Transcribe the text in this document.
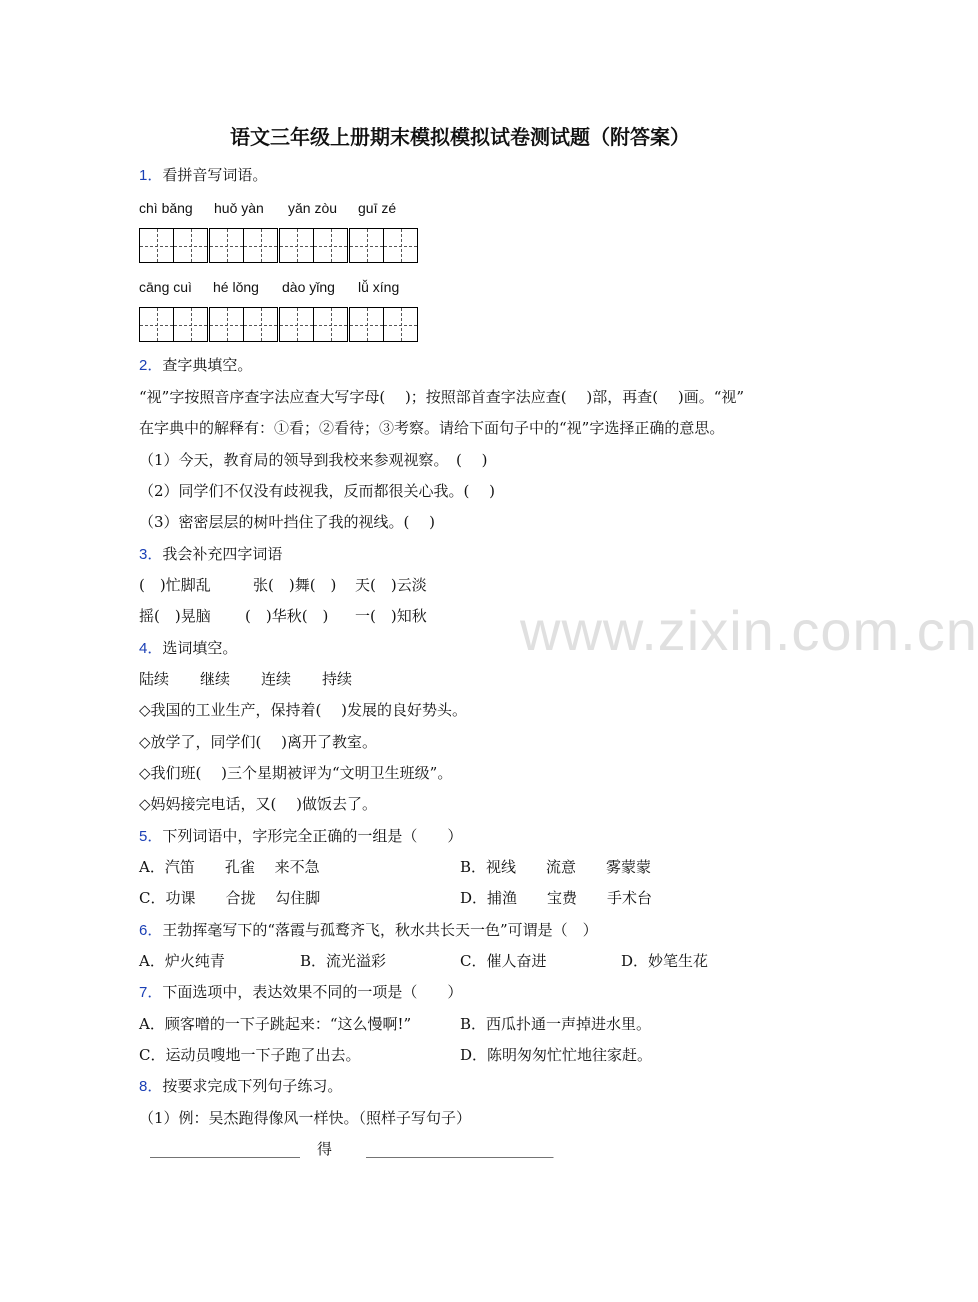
语文三年级上册期末模拟模拟试卷测试题（附答案）
1．看拼音写词语。
chì bǎng huǒ yàn yǎn zòu guī zé
cāng cuì hé lǒng dào yǐng lǚ xíng
2．查字典填空。
“视”字按照音序查字法应查大写字母(　 )；按照部首查字法应查(　 )部，再查(　 )画。“视”
在字典中的解释有：①看；②看待；③考察。请给下面句子中的“视”字选择正确的意思。
（1）今天，教育局的领导到我校来参观视察。　(　 )
（2）同学们不仅没有歧视我，反而都很关心我。(　 )
（3）密密层层的树叶挡住了我的视线。(　 )
3．我会补充四字词语
(　)忙脚乱	张(　)舞(　) 天(　)云淡
摇(　)晃脑 (　)华秋(　) 一(　)知秋
4．选词填空。
陆续 继续 连续 持续
◇我国的工业生产，保持着(　 )发展的良好势头。
◇放学了，同学们(　 )离开了教室。
◇我们班(　 )三个星期被评为“文明卫生班级”。
◇妈妈接完电话，又(　 )做饭去了。
5．下列词语中，字形完全正确的一组是（　　）
A．汽笛　　孔雀　 来不急	B．视线　　流意　　雾蒙蒙
C．功课　　合拢　 勾住脚	D．捕渔　　宝费　　手术台
6．王勃挥毫写下的“落霞与孤鹜齐飞，秋水共长天一色”可谓是（　）
A．炉火纯青	B．流光溢彩	C．催人奋进	D．妙笔生花
7．下面选项中，表达效果不同的一项是（　　）
A．顾客噌的一下子跳起来：“这么慢啊!”	B．西瓜扑通一声掉进水里。
C．运动员嗖地一下子跑了出去。	D．陈明匆匆忙忙地往家赶。
8．按要求完成下列句子练习。
（1）例：吴杰跑得像风一样快。（照样子写句子）
____________________ 得 _________________________
www.zixin.com.cn
